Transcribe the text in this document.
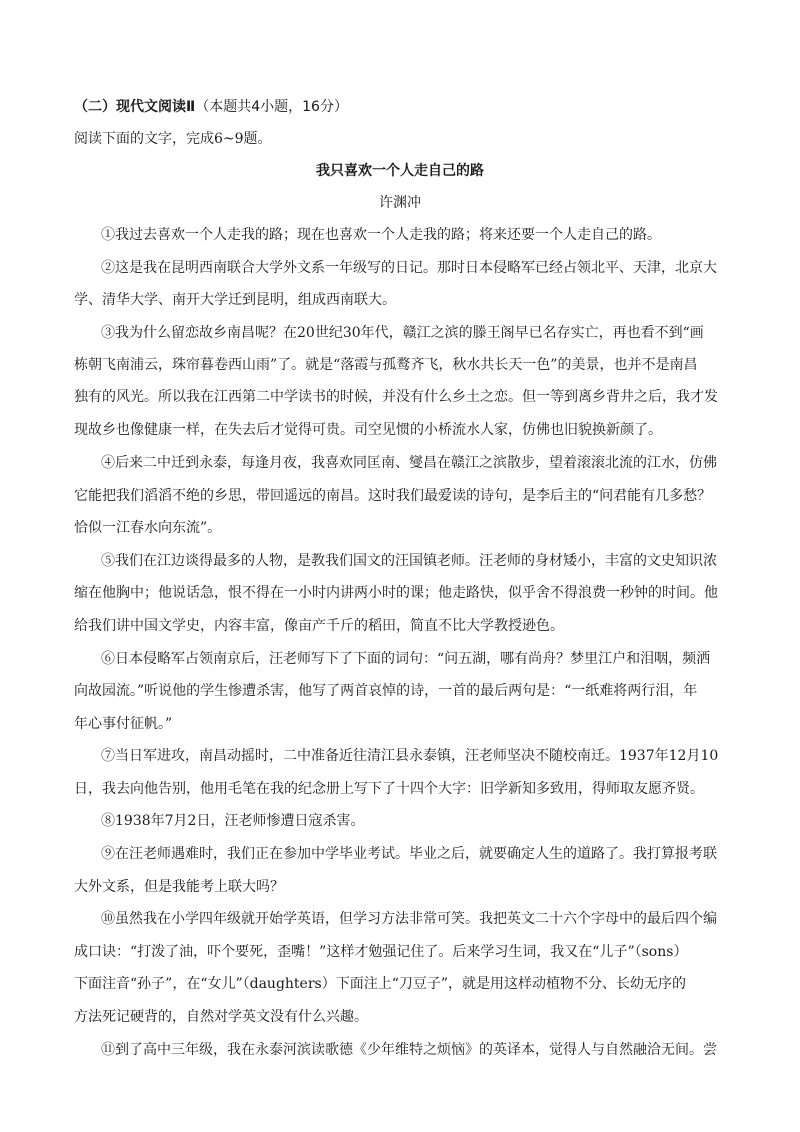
（二）现代文阅读Ⅱ（本题共4小题，16分）
阅读下面的文字，完成6~9题。
我只喜欢一个人走自己的路
许渊冲
①我过去喜欢一个人走我的路；现在也喜欢一个人走我的路；将来还要一个人走自己的路。
②这是我在昆明西南联合大学外文系一年级写的日记。那时日本侵略军已经占领北平、天津，北京大
学、清华大学、南开大学迁到昆明，组成西南联大。
③我为什么留恋故乡南昌呢？在20世纪30年代，赣江之滨的滕王阁早已名存实亡，再也看不到“画
栋朝飞南浦云，珠帘暮卷西山雨”了。就是“落霞与孤鹜齐飞，秋水共长天一色”的美景，也并不是南昌
独有的风光。所以我在江西第二中学读书的时候，并没有什么乡土之恋。但一等到离乡背井之后，我才发
现故乡也像健康一样，在失去后才觉得可贵。司空见惯的小桥流水人家，仿佛也旧貌换新颜了。
④后来二中迁到永泰，每逢月夜，我喜欢同匡南、燮昌在赣江之滨散步，望着滚滚北流的江水，仿佛
它能把我们滔滔不绝的乡思，带回遥远的南昌。这时我们最爱读的诗句，是李后主的“问君能有几多愁？
恰似一江春水向东流”。
⑤我们在江边谈得最多的人物，是教我们国文的汪国镇老师。汪老师的身材矮小，丰富的文史知识浓
缩在他胸中；他说话急，恨不得在一小时内讲两小时的课；他走路快，似乎舍不得浪费一秒钟的时间。他
给我们讲中国文学史，内容丰富，像亩产千斤的稻田，简直不比大学教授逊色。
⑥日本侵略军占领南京后，汪老师写下了下面的词句：“问五湖，哪有尚舟？梦里江户和泪咽，频洒
向故园流。”听说他的学生惨遭杀害，他写了两首哀悼的诗，一首的最后两句是：“一纸难将两行泪，年
年心事付征帆。”
⑦当日军进攻，南昌动摇时，二中准备近往清江县永泰镇，汪老师坚决不随校南迁。1937年12月10
日，我去向他告别，他用毛笔在我的纪念册上写下了十四个大字：旧学新知多致用，得师取友愿齐贤。
⑧1938年7月2日，汪老师惨遭日寇杀害。
⑨在汪老师遇难时，我们正在参加中学毕业考试。毕业之后，就要确定人生的道路了。我打算报考联
大外文系，但是我能考上联大吗？
⑩虽然我在小学四年级就开始学英语，但学习方法非常可笑。我把英文二十六个字母中的最后四个编
成口诀：“打泼了油，吓个要死，歪嘴！”这样才勉强记住了。后来学习生词，我又在“儿子”（sons）
下面注音“孙子”，在“女儿”（daughters）下面注上“刀豆子”，就是用这样动植物不分、长幼无序的
方法死记硬背的，自然对学英文没有什么兴趣。
⑪到了高中三年级，我在永泰河滨读歌德《少年维特之烦恼》的英译本，觉得人与自然融洽无间。尝
